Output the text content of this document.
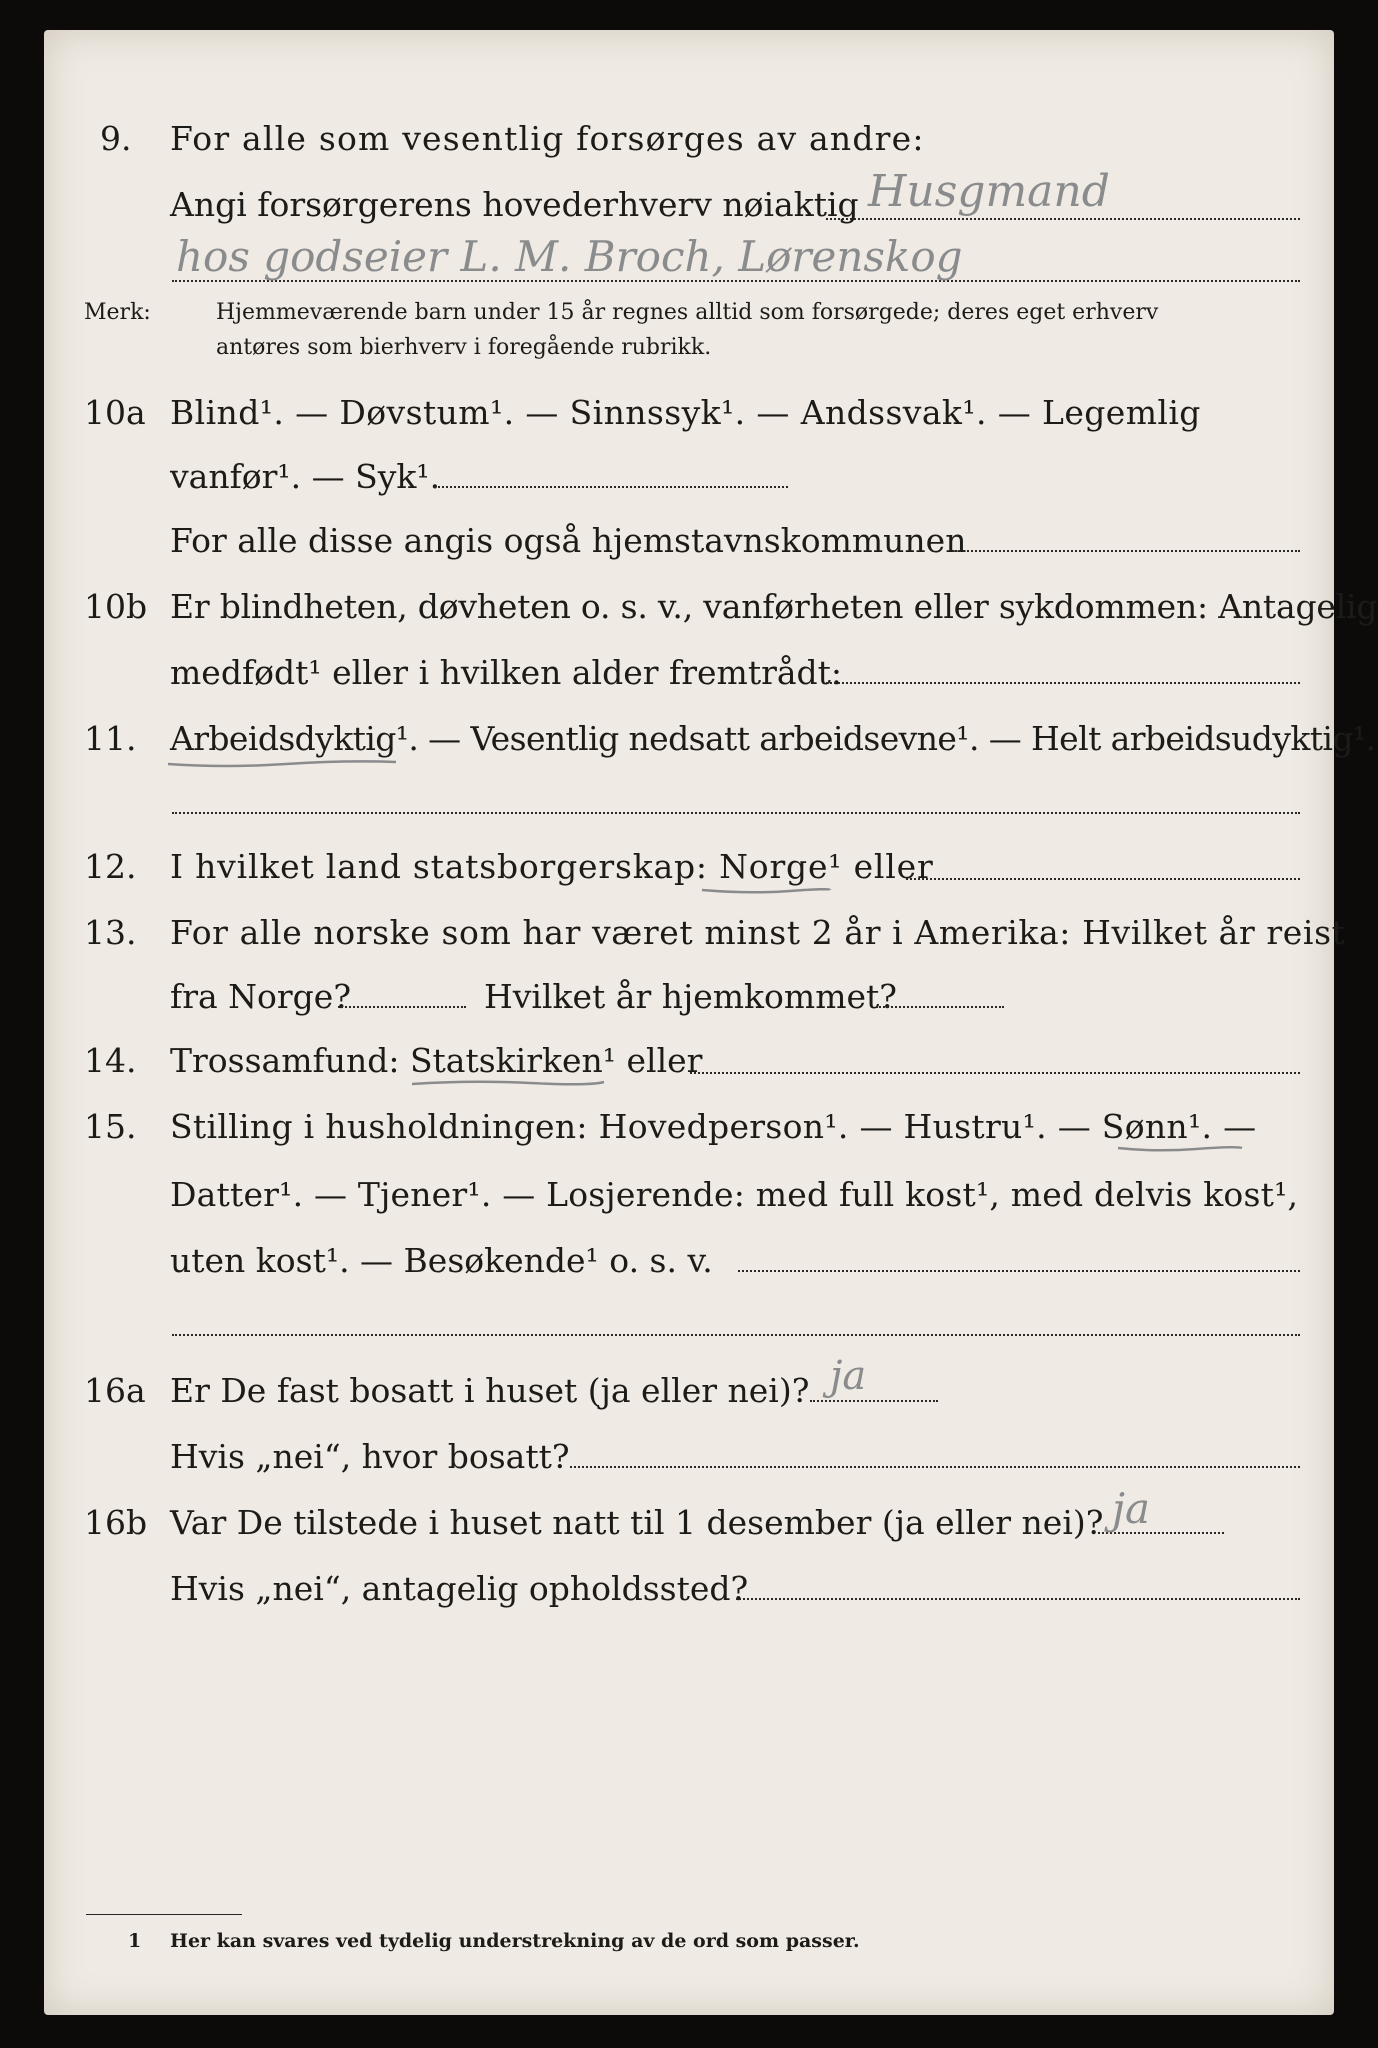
9. For alle som vesentlig forsørges av andre:
Angi forsørgerens hovederhverv nøiaktig Husgmand
hos godseier L. M. Broch, Lørenskog
Merk:	Hjemmeværende barn under 15 år regnes alltid som forsørgede; deres eget erhverv
antøres som bierhverv i foregående rubrikk.
10a Blind¹. — Døvstum¹. — Sinnssyk¹. — Andssvak¹. — Legemlig
vanfør¹. — Syk¹.
For alle disse angis også hjemstavnskommunen
10b Er blindheten, døvheten o. s. v., vanførheten eller sykdommen: Antagelig
medfødt¹ eller i hvilken alder fremtrådt:
11. Arbeidsdyktig¹. — Vesentlig nedsatt arbeidsevne¹. — Helt arbeidsudyktig¹.
12. I hvilket land statsborgerskap: Norge¹ eller
13. For alle norske som har været minst 2 år i Amerika: Hvilket år reist
fra Norge?	Hvilket år hjemkommet?
14. Trossamfund: Statskirken¹ eller
15. Stilling i husholdningen: Hovedperson¹. — Hustru¹. — Sønn¹. —
Datter¹. — Tjener¹. — Losjerende: med full kost¹, med delvis kost¹,
uten kost¹. — Besøkende¹ o. s. v.
16a Er De fast bosatt i huset (ja eller nei)? ja
Hvis „nei“, hvor bosatt?
16b Var De tilstede i huset natt til 1 desember (ja eller nei)? ja
Hvis „nei“, antagelig opholdssted?
1 Her kan svares ved tydelig understrekning av de ord som passer.
